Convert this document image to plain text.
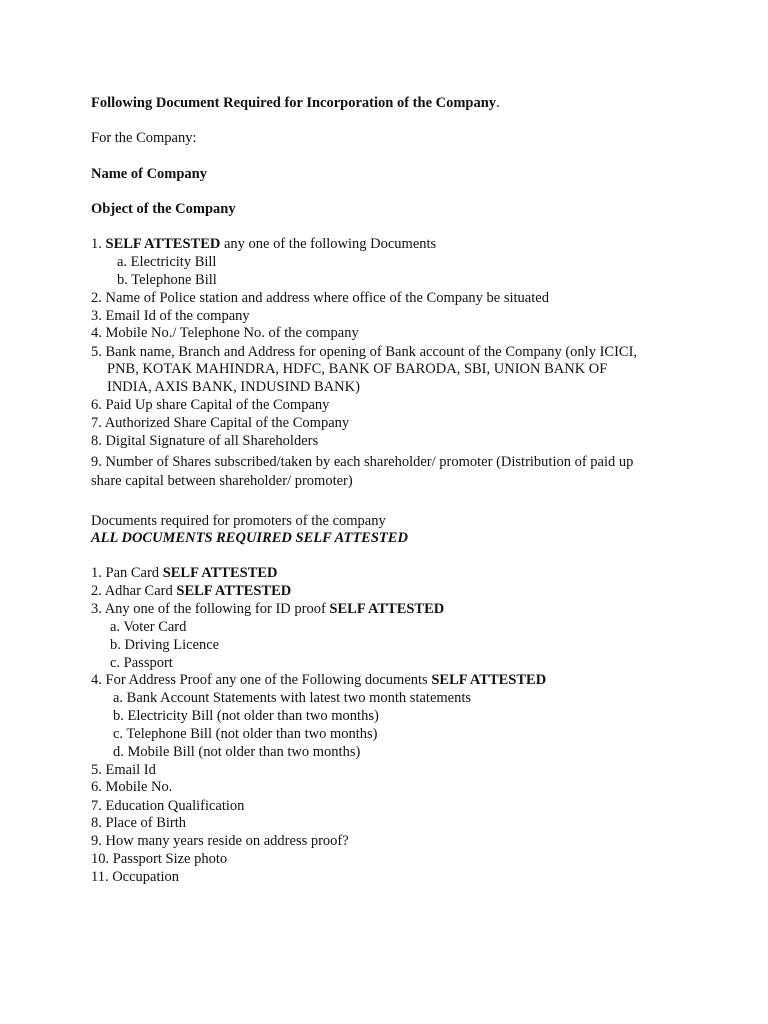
Following Document Required for Incorporation of the Company.
For the Company:
Name of Company
Object of the Company
1. SELF ATTESTED any one of the following Documents
a. Electricity Bill
b. Telephone Bill
2. Name of Police station and address where office of the Company be situated
3. Email Id of the company
4. Mobile No./ Telephone No. of the company
5. Bank name, Branch and Address for opening of Bank account of the Company (only ICICI,
PNB, KOTAK MAHINDRA, HDFC, BANK OF BARODA, SBI, UNION BANK OF
INDIA, AXIS BANK, INDUSIND BANK)
6. Paid Up share Capital of the Company
7. Authorized Share Capital of the Company
8. Digital Signature of all Shareholders
9. Number of Shares subscribed/taken by each shareholder/ promoter (Distribution of paid up
share capital between shareholder/ promoter)
Documents required for promoters of the company
ALL DOCUMENTS REQUIRED SELF ATTESTED
1. Pan Card SELF ATTESTED
2. Adhar Card SELF ATTESTED
3. Any one of the following for ID proof SELF ATTESTED
a. Voter Card
b. Driving Licence
c. Passport
4. For Address Proof any one of the Following documents SELF ATTESTED
a. Bank Account Statements with latest two month statements
b. Electricity Bill (not older than two months)
c. Telephone Bill (not older than two months)
d. Mobile Bill (not older than two months)
5. Email Id
6. Mobile No.
7. Education Qualification
8. Place of Birth
9. How many years reside on address proof?
10. Passport Size photo
11. Occupation
